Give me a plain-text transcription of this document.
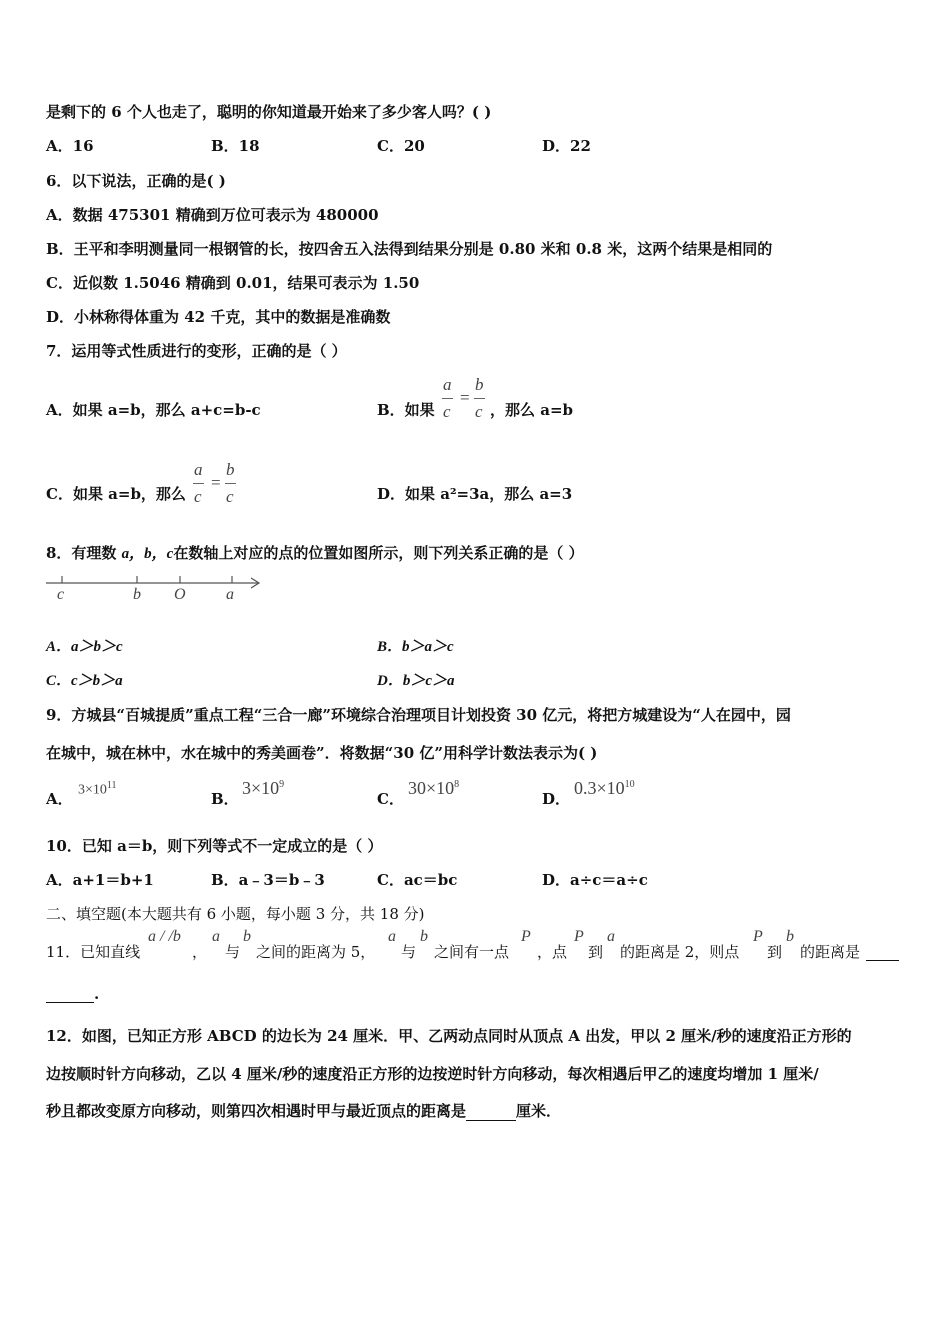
是剩下的 6 个人也走了，聪明的你知道最开始来了多少客人吗？( )
A．16	B．18	C．20	D．22
6．以下说法，正确的是( )
A．数据 475301 精确到万位可表示为 480000
B．王平和李明测量同一根钢管的长，按四舍五入法得到结果分别是 0.80 米和 0.8 米，这两个结果是相同的
C．近似数 1.5046 精确到 0.01，结果可表示为 1.50
D．小林称得体重为 42 千克，其中的数据是准确数
7．运用等式性质进行的变形，正确的是（ ）
A．如果 a=b，那么 a+c=b-c	B．如果
a
c
=
b
c ，那么 a=b
C．如果 a=b，那么
a
c
=
b
c	D．如果 a²=3a，那么 a=3
8．有理数 a，b，c在数轴上对应的点的位置如图所示，则下列关系正确的是（ ）
c	b O	a
A．a＞b＞c	B．b＞a＞c
C．c＞b＞a	D．b＞c＞a
9．方城县“百城提质”重点工程“三合一廊”环境综合治理项目计划投资 30 亿元，将把方城建设为“人在园中，园
在城中，城在林中，水在城中的秀美画卷”．将数据“30 亿”用科学计数法表示为( )
A． $3\times 10^{11}$
B．
$3\times 10^9$
C．
$30\times 10^8$
D．
$0.3\times 10^{10}$
10．已知 a＝b，则下列等式不一定成立的是（ ）
A．a+1＝b+1	B．a﹣3＝b﹣3	C．ac＝bc	D．a÷c＝a÷c
二、填空题(本大题共有 6 小题，每小题 3 分，共 18 分)
11．已知直线
a / /b
，
a
与
b
之间的距离为 5，
a
与
b
之间有一点
P
，点
P
到
a
的距离是 2，则点
P
到
b
的距离是
.
12．如图，已知正方形 ABCD 的边长为 24 厘米．甲、乙两动点同时从顶点 A 出发，甲以 2 厘米/秒的速度沿正方形的
边按顺时针方向移动，乙以 4 厘米/秒的速度沿正方形的边按逆时针方向移动，每次相遇后甲乙的速度均增加 1 厘米/
秒且都改变原方向移动，则第四次相遇时甲与最近顶点的距离是	厘米．
